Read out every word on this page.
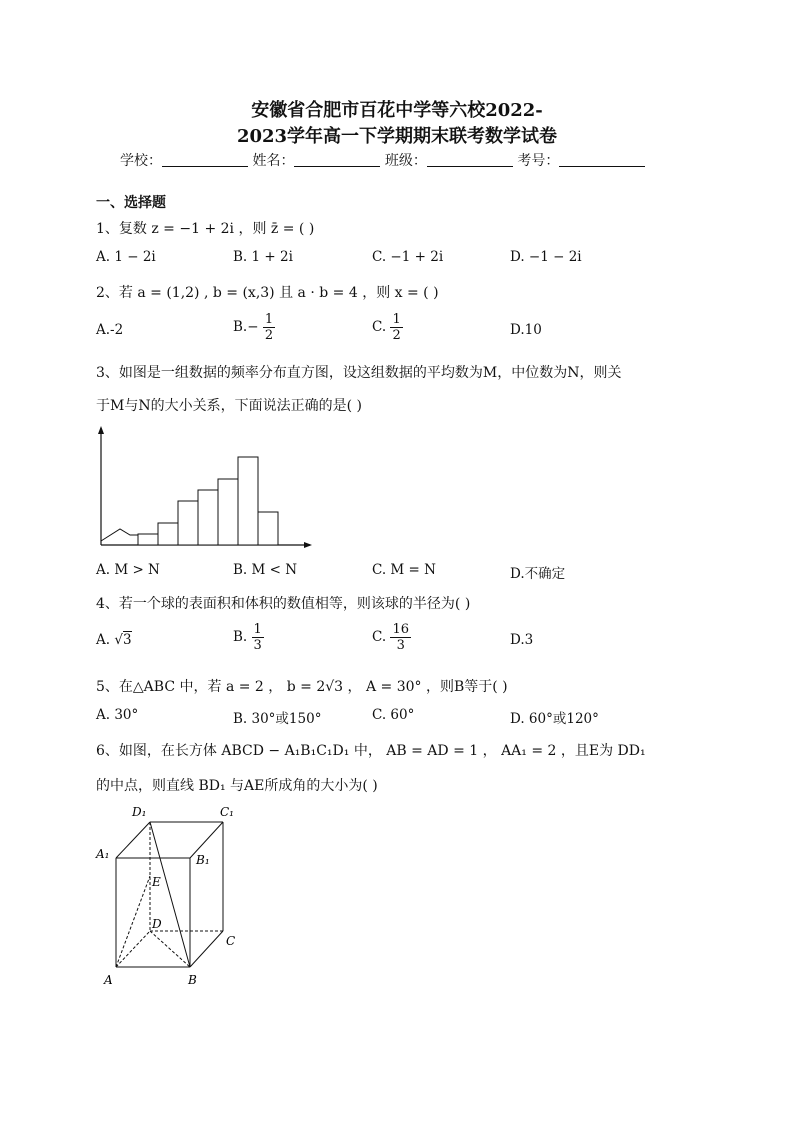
安徽省合肥市百花中学等六校2022-
2023学年高一下学期期末联考数学试卷
学校：	姓名：	班级：	考号：
一、选择题
1、复数 z = −1 + 2i ，则 z̄ = ( )
A. 1 − 2i	B. 1 + 2i	C. −1 + 2i	D. −1 − 2i
2、若 a = (1,2) , b = (x,3) 且 a · b = 4 ，则 x = ( )
A.-2	$B.- \frac{1}{2}$	C. $\frac{1}{2}$	D.10
3、如图是一组数据的频率分布直方图，设这组数据的平均数为M，中位数为N，则关
于M与N的大小关系，下面说法正确的是( )
A. M > N	B. M < N	C. M = N	D.不确定
4、若一个球的表面积和体积的数值相等，则该球的半径为( )
A. √3	B. $\frac{1}{3}$	C. $\frac{16}{3}$	D.3
5、在△ABC 中，若 a = 2 ， b = 2√3 ， A = 30° ，则B等于( )
A. 30°	B. 30°或150°	C. 60°	D. 60°或120°
6、如图，在长方体 ABCD − A₁B₁C₁D₁ 中， AB = AD = 1 ， AA₁ = 2 ，且E为 DD₁
的中点，则直线 BD₁ 与AE所成角的大小为( )
D₁	C₁
A₁	B₁
E
D
C
A	B
